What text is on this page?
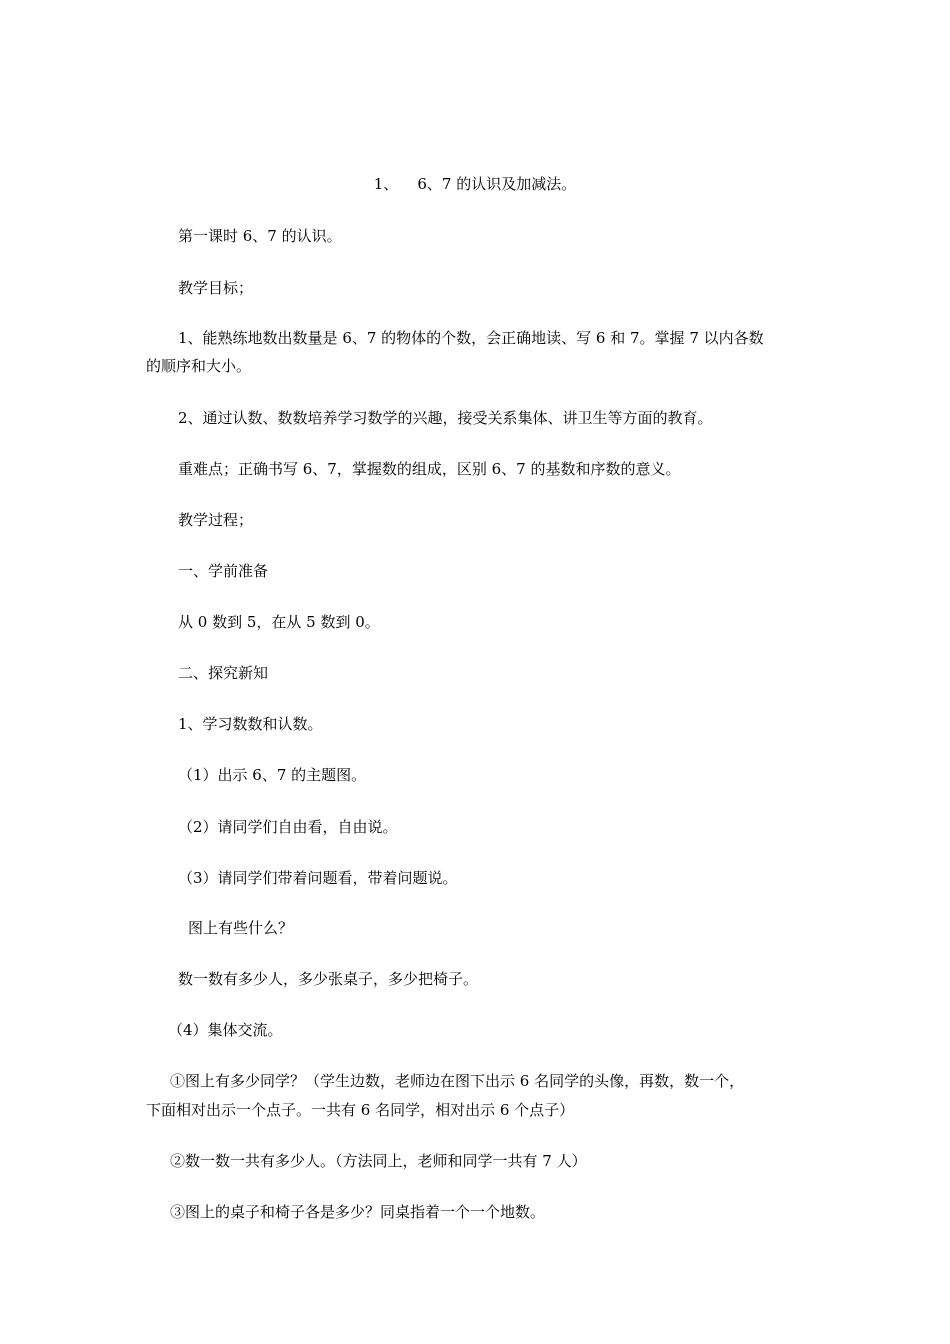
1、    6、7 的认识及加减法。
第一课时 6、7 的认识。
教学目标；
1、能熟练地数出数量是 6、7 的物体的个数，会正确地读、写 6 和 7。掌握 7 以内各数
的顺序和大小。
2、通过认数、数数培养学习数学的兴趣，接受关系集体、讲卫生等方面的教育。
重难点；正确书写 6、7，掌握数的组成，区别 6、7 的基数和序数的意义。
教学过程；
一、学前准备
从 0 数到 5，在从 5 数到 0。
二、探究新知
1、学习数数和认数。
（1）出示 6、7 的主题图。
（2）请同学们自由看，自由说。
（3）请同学们带着问题看，带着问题说。
图上有些什么？
数一数有多少人，多少张桌子，多少把椅子。
（4）集体交流。
①图上有多少同学？（学生边数，老师边在图下出示 6 名同学的头像，再数，数一个，
下面相对出示一个点子。一共有 6 名同学，相对出示 6 个点子）
②数一数一共有多少人。（方法同上，老师和同学一共有 7 人）
③图上的桌子和椅子各是多少？同桌指着一个一个地数。
